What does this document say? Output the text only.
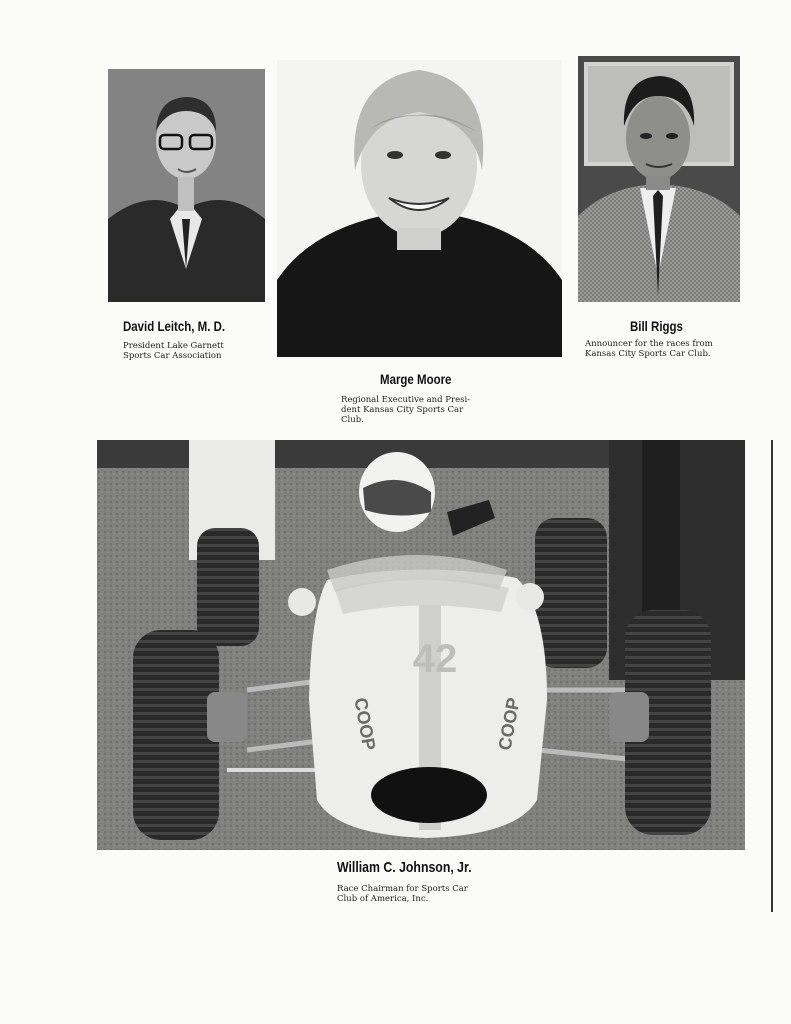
David Leitch, M. D.
President Lake Garnett
Sports Car Association
Bill Riggs
Announcer for the races from
Kansas City Sports Car Club.
Marge Moore
Regional Executive and Presi-
dent Kansas City Sports Car
Club.
42
COOP	COOP
William C. Johnson, Jr.
Race Chairman for Sports Car
Club of America, Inc.
